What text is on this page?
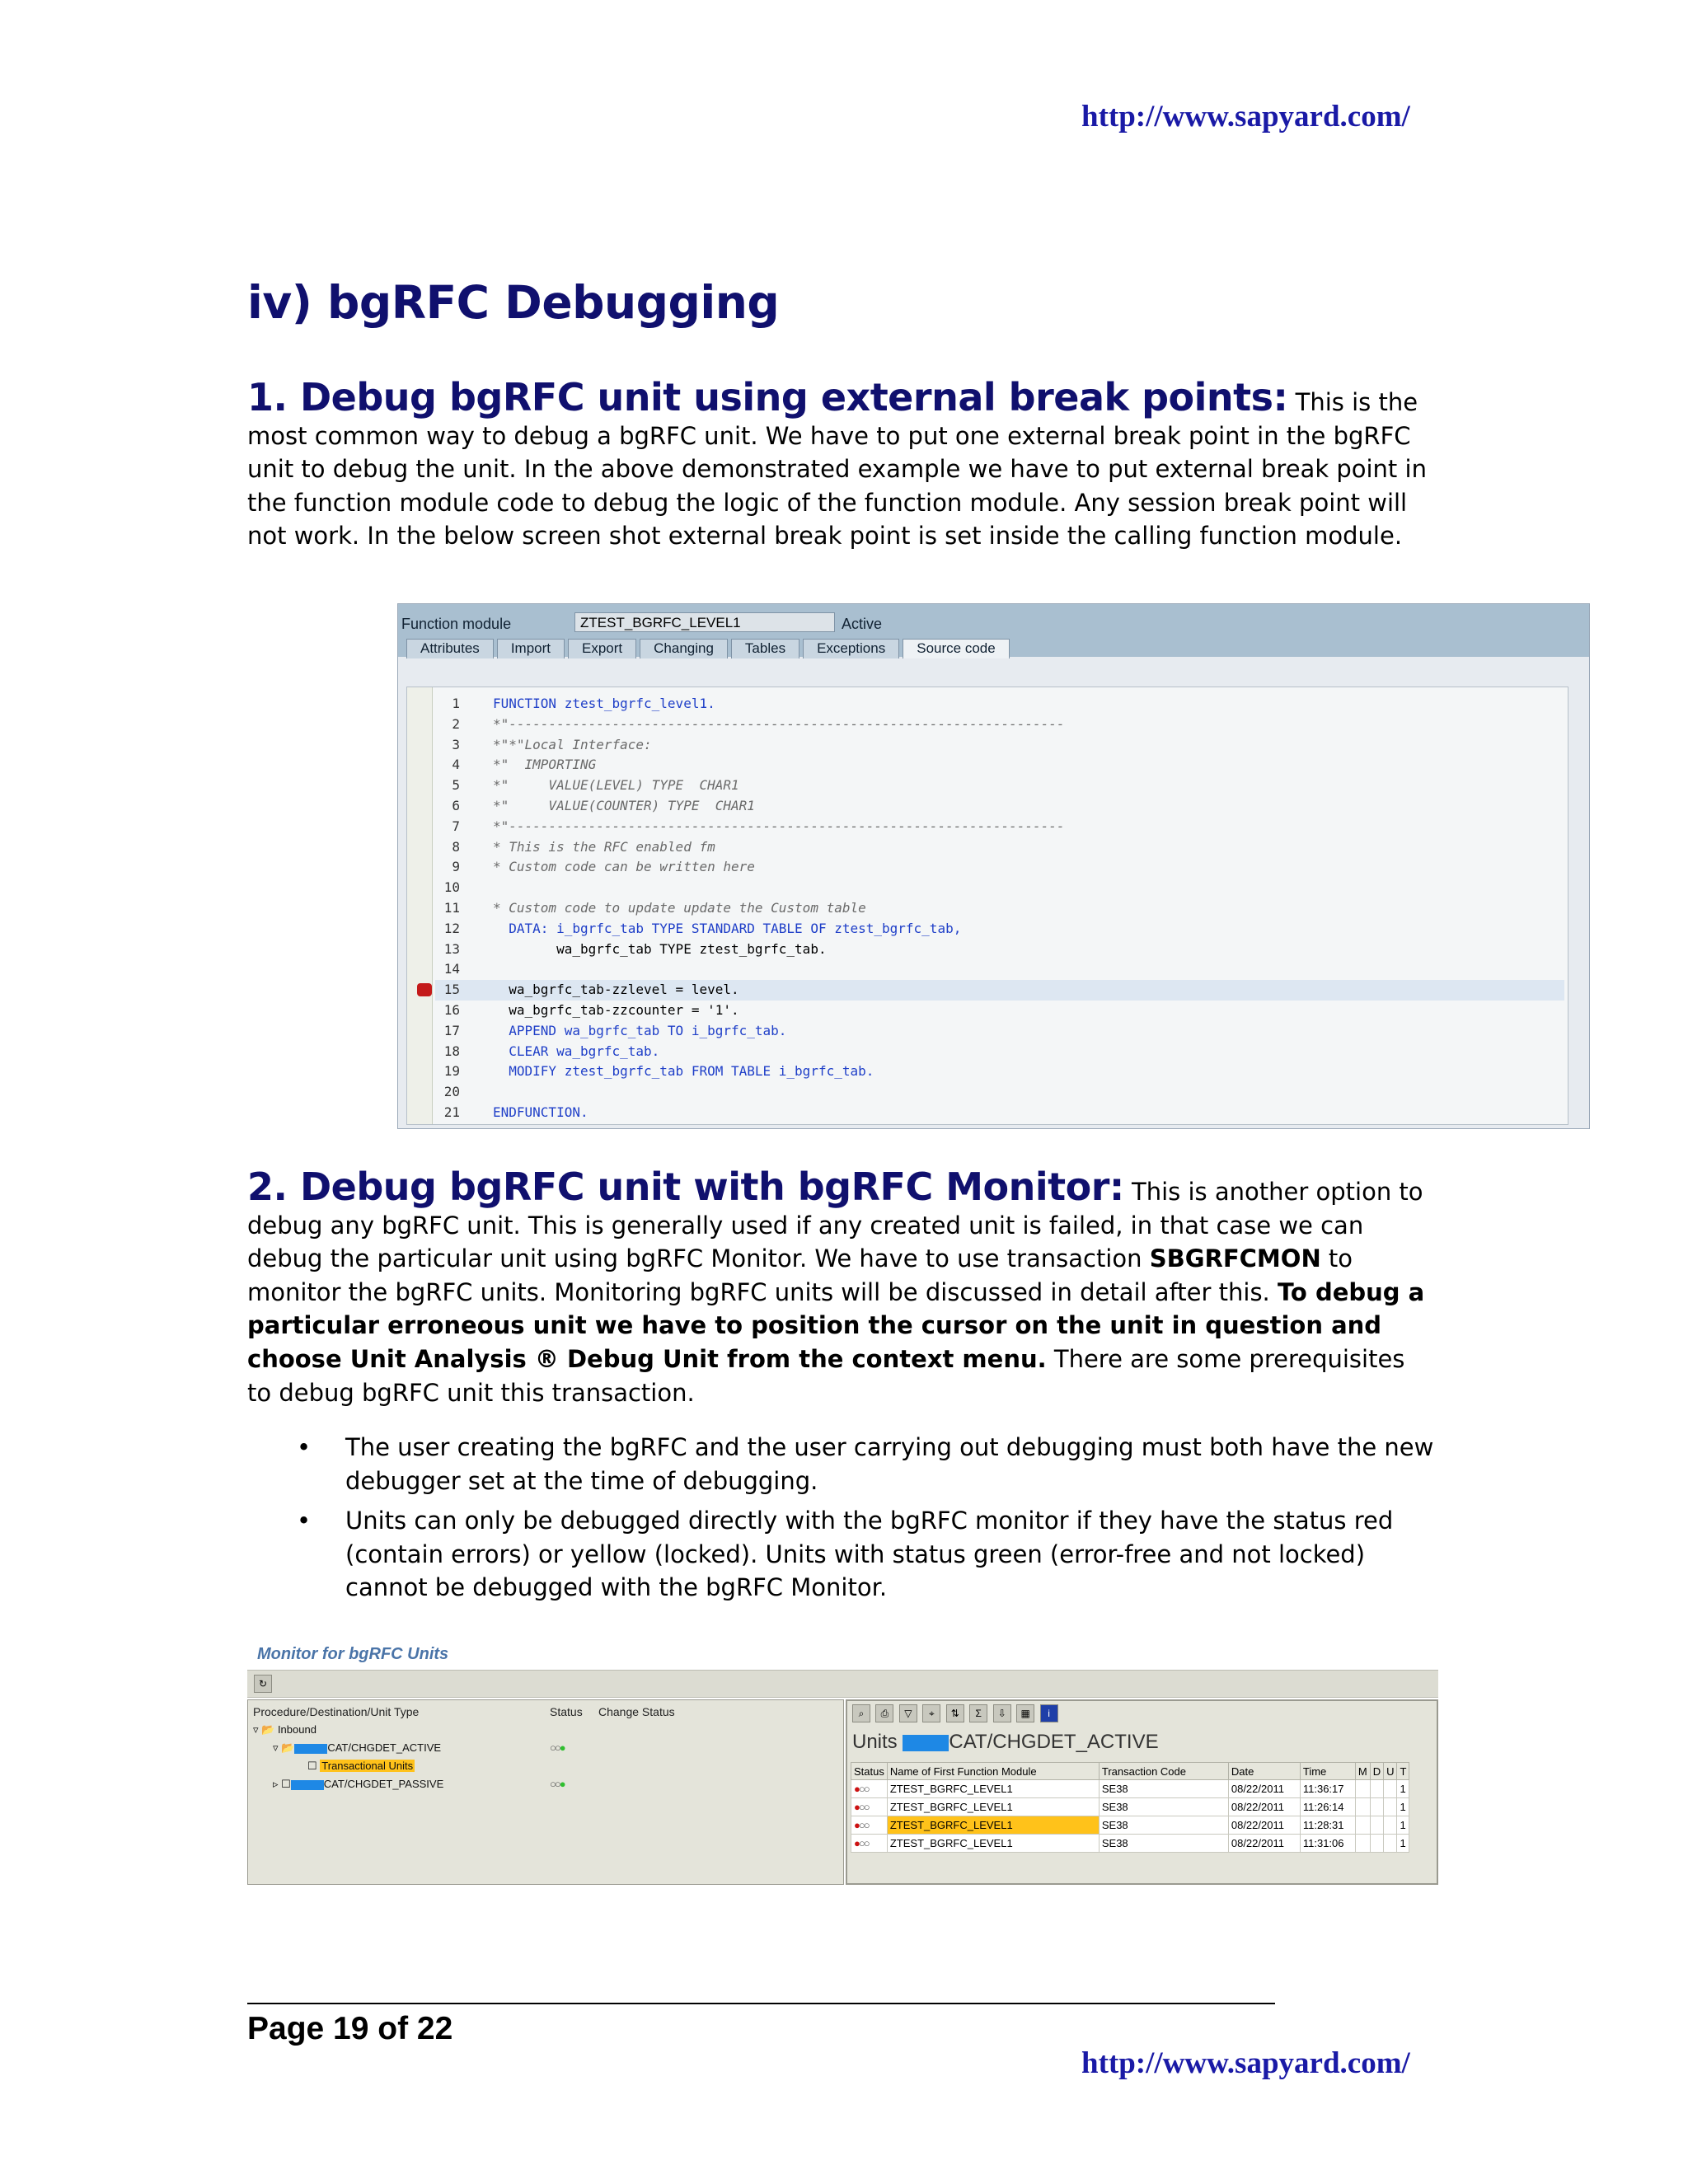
http://www.sapyard.com/
iv) bgRFC Debugging
1. Debug bgRFC unit using external break points: This is the most common way to debug a bgRFC unit. We have to put one external break point in the bgRFC unit to debug the unit. In the above demonstrated example we have to put external break point in the function module code to debug the logic of the function module. Any session break point will not work. In the below screen shot external break point is set inside the calling function module.
Function module	ZTEST_BGRFC_LEVEL1	Active
Attributes	Import	Export	Changing	Tables	Exceptions	Source code
1	FUNCTION ztest_bgrfc_level1.
2	*"----------------------------------------------------------------------
3	*"*"Local Interface:
4	*"  IMPORTING
5	*"     VALUE(LEVEL) TYPE  CHAR1
6	*"     VALUE(COUNTER) TYPE  CHAR1
7	*"----------------------------------------------------------------------
8	* This is the RFC enabled fm
9	* Custom code can be written here
10
11	* Custom code to update update the Custom table
12	DATA: i_bgrfc_tab TYPE STANDARD TABLE OF ztest_bgrfc_tab,
13	wa_bgrfc_tab TYPE ztest_bgrfc_tab.
14
15	wa_bgrfc_tab-zzlevel = level.
16	wa_bgrfc_tab-zzcounter = '1'.
17	APPEND wa_bgrfc_tab TO i_bgrfc_tab.
18	CLEAR wa_bgrfc_tab.
19	MODIFY ztest_bgrfc_tab FROM TABLE i_bgrfc_tab.
20
21	ENDFUNCTION.
2. Debug bgRFC unit with bgRFC Monitor: This is another option to debug any bgRFC unit. This is generally used if any created unit is failed, in that case we can debug the particular unit using bgRFC Monitor. We have to use transaction SBGRFCMON to monitor the bgRFC units. Monitoring bgRFC units will be discussed in detail after this. To debug a particular erroneous unit we have to position the cursor on the unit in question and choose Unit Analysis ® Debug Unit from the context menu. There are some prerequisites to debug bgRFC unit this transaction.
• The user creating the bgRFC and the user carrying out debugging must both have the new debugger set at the time of debugging.
• Units can only be debugged directly with the bgRFC monitor if they have the status red (contain errors) or yellow (locked). Units with status green (error-free and not locked) cannot be debugged with the bgRFC Monitor.
Monitor for bgRFC Units
↻
Procedure/Destination/Unit Type	Status Change Status
▿ 📂 Inbound
▿ 📂	CAT/CHGDET_ACTIVE	○○●
☐ Transactional Units
▹ ☐	CAT/CHGDET_PASSIVE	○○●
⌕ ⎙ ▽ ⌖ ⇅ Σ ⇩ ▦ i
Units	CAT/CHGDET_ACTIVE
Status	Name of First Function Module	Transaction Code	Date	Time	M	D	U	T
●○○	ZTEST_BGRFC_LEVEL1	SE38	08/22/2011	11:36:17				1
●○○	ZTEST_BGRFC_LEVEL1	SE38	08/22/2011	11:26:14				1
●○○	ZTEST_BGRFC_LEVEL1	SE38	08/22/2011	11:28:31				1
●○○	ZTEST_BGRFC_LEVEL1	SE38	08/22/2011	11:31:06				1
Page 19 of 22
http://www.sapyard.com/
